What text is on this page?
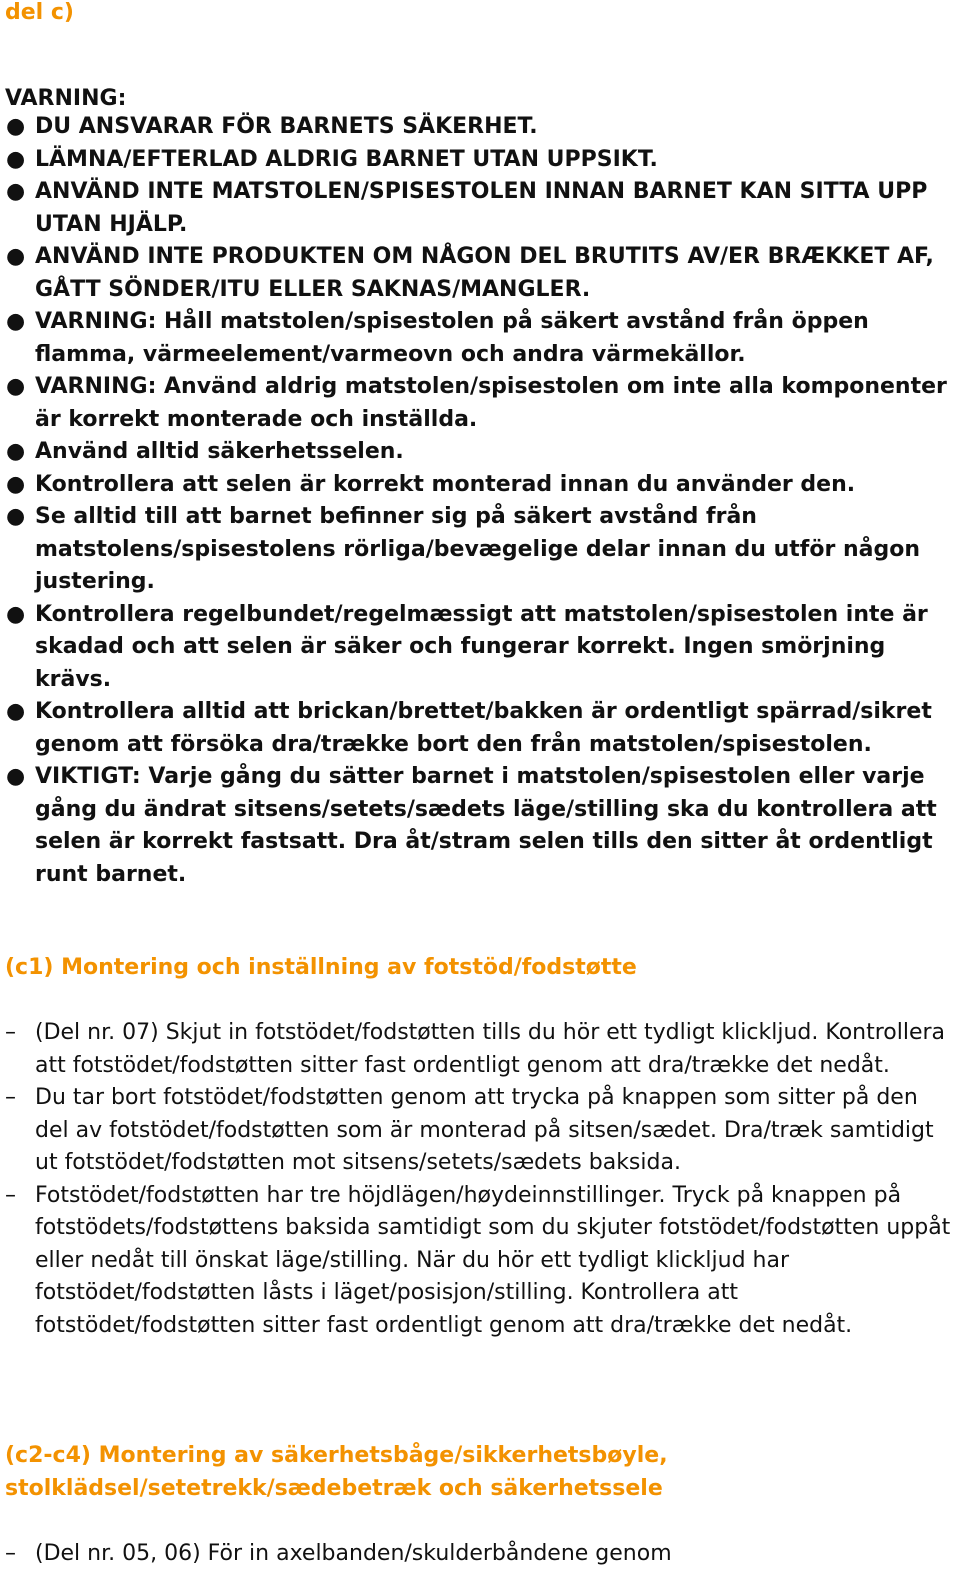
del c)

VARNING:

● DU ANSVARAR FÖR BARNETS SÄKERHET.
● LÄMNA/EFTERLAD ALDRIG BARNET UTAN UPPSIKT.
● ANVÄND INTE MATSTOLEN/SPISESTOLEN INNAN BARNET KAN SITTA UPP UTAN HJÄLP.
● ANVÄND INTE PRODUKTEN OM NÅGON DEL BRUTITS AV/ER BRÆKKET AF, GÅTT SÖNDER/ITU ELLER SAKNAS/MANGLER.
● VARNING: Håll matstolen/spisestolen på säkert avstånd från öppen flamma, värmeelement/varmeovn och andra värmekällor.
● VARNING: Använd aldrig matstolen/spisestolen om inte alla komponenter är korrekt monterade och inställda.
● Använd alltid säkerhetsselen.
● Kontrollera att selen är korrekt monterad innan du använder den.
● Se alltid till att barnet befinner sig på säkert avstånd från matstolens/spisestolens rörliga/bevægelige delar innan du utför någon justering.
● Kontrollera regelbundet/regelmæssigt att matstolen/spisestolen inte är skadad och att selen är säker och fungerar korrekt. Ingen smörjning krävs.
● Kontrollera alltid att brickan/brettet/bakken är ordentligt spärrad/sikret genom att försöka dra/trække bort den från matstolen/spisestolen.
● VIKTIGT: Varje gång du sätter barnet i matstolen/spisestolen eller varje gång du ändrat sitsens/setets/sædets läge/stilling ska du kontrollera att selen är korrekt fastsatt. Dra åt/stram selen tills den sitter åt ordentligt runt barnet.
(c1) Montering och inställning av fotstöd/fodstøtte
– (Del nr. 07) Skjut in fotstödet/fodstøtten tills du hör ett tydligt klickljud. Kontrollera att fotstödet/fodstøtten sitter fast ordentligt genom att dra/trække det nedåt.
– Du tar bort fotstödet/fodstøtten genom att trycka på knappen som sitter på den del av fotstödet/fodstøtten som är monterad på sitsen/sædet. Dra/træk samtidigt ut fotstödet/fodstøtten mot sitsens/setets/sædets baksida.
– Fotstödet/fodstøtten har tre höjdlägen/høydeinnstillinger. Tryck på knappen på fotstödets/fodstøttens baksida samtidigt som du skjuter fotstödet/fodstøtten uppåt eller nedåt till önskat läge/stilling. När du hör ett tydligt klickljud har fotstödet/fodstøtten låsts i läget/posisjon/stilling. Kontrollera att fotstödet/fodstøtten sitter fast ordentligt genom att dra/trække det nedåt.
(c2-c4) Montering av säkerhetsbåge/sikkerhetsbøyle, stolklädsel/setetrekk/sædebetræk och säkerhetssele
– (Del nr. 05, 06) För in axelbanden/skulderbåndene genom
